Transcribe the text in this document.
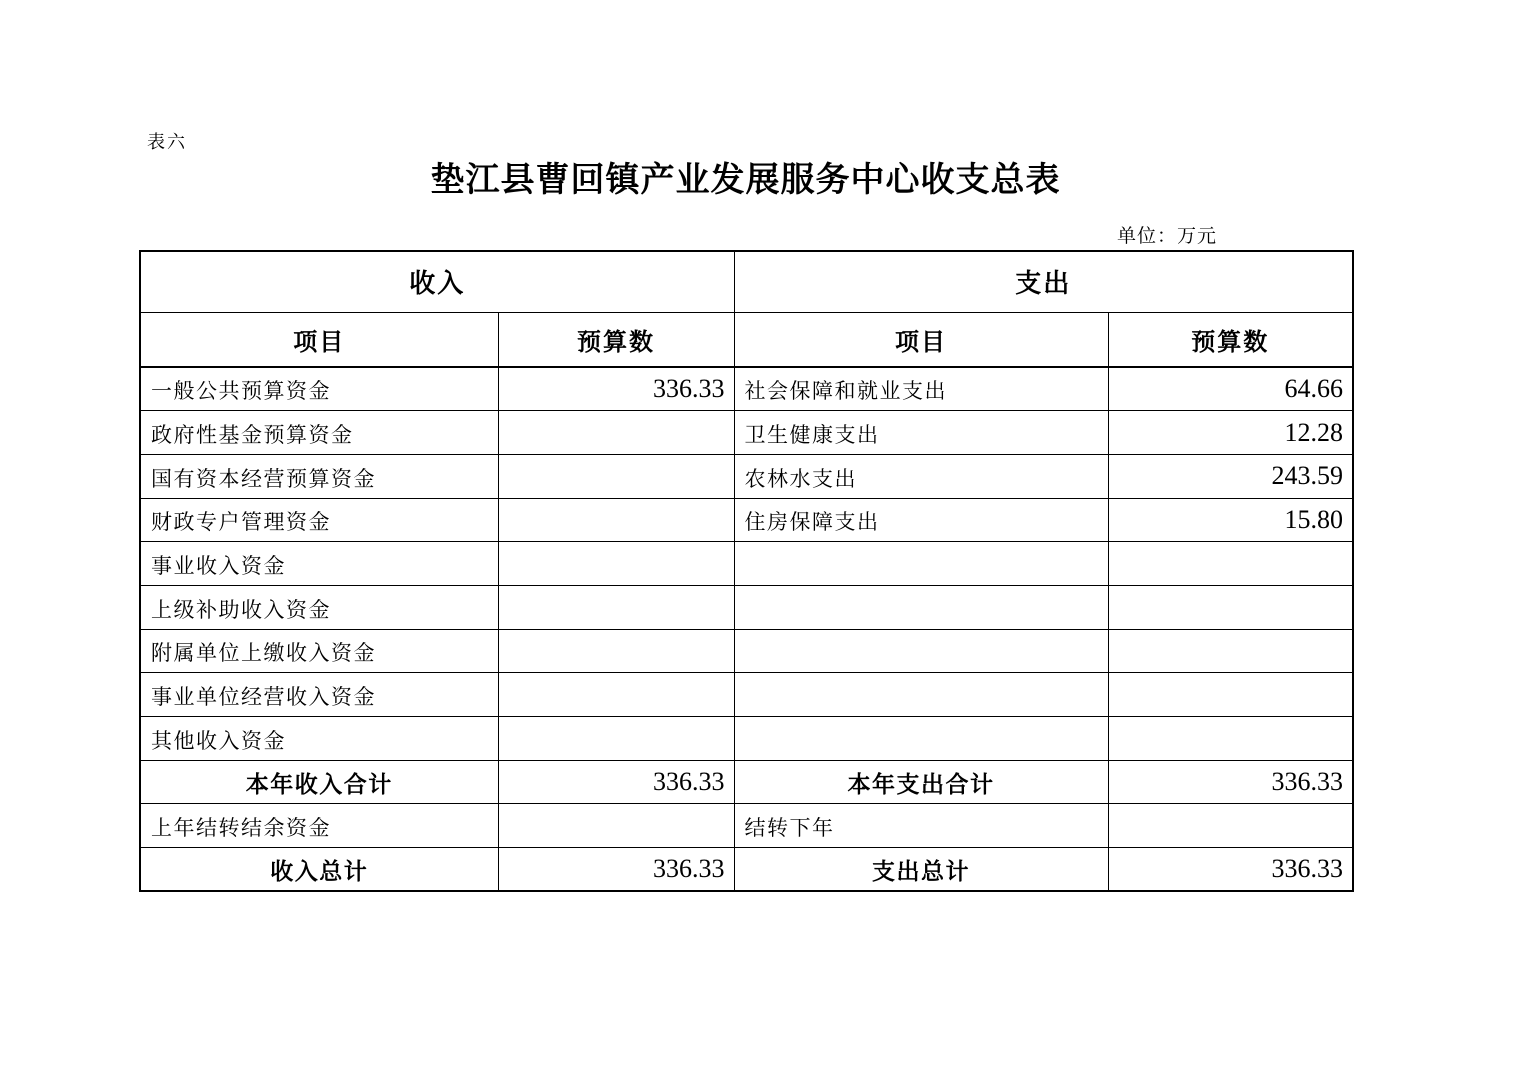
表六
垫江县曹回镇产业发展服务中心收支总表
单位：万元
收入		支出	
项目	预算数	项目	预算数
一般公共预算资金	336.33	社会保障和就业支出	64.66
政府性基金预算资金		卫生健康支出	12.28
国有资本经营预算资金		农林水支出	243.59
财政专户管理资金		住房保障支出	15.80
事业收入资金			
上级补助收入资金			
附属单位上缴收入资金			
事业单位经营收入资金			
其他收入资金			
本年收入合计	336.33	本年支出合计	336.33
上年结转结余资金		结转下年	
收入总计	336.33	支出总计	336.33
